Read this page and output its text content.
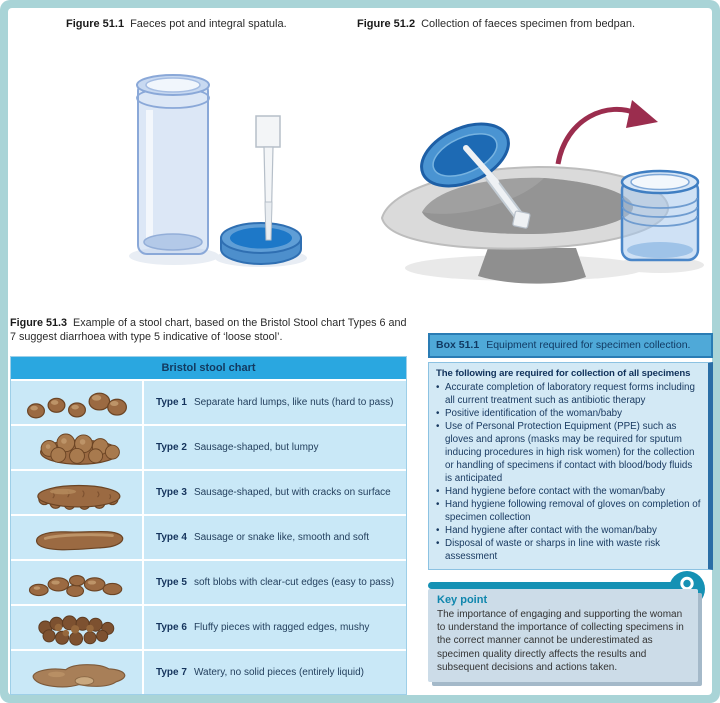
Figure 51.1 Faeces pot and integral spatula.	Figure 51.2 Collection of faeces specimen from bedpan.
Figure 51.3 Example of a stool chart, based on the Bristol Stool chart Types 6 and 7 suggest diarrhoea with type 5 indicative of ‘loose stool’.
Bristol stool chart
Type 1 Separate hard lumps, like nuts (hard to pass)
Type 2 Sausage-shaped, but lumpy
Type 3 Sausage-shaped, but with cracks on surface
Type 4 Sausage or snake like, smooth and soft
Type 5 soft blobs with clear-cut edges (easy to pass)
Type 6 Fluffy pieces with ragged edges, mushy
Type 7 Watery, no solid pieces (entirely liquid)
Box 51.1 Equipment required for specimen collection.
The following are required for collection of all specimens
• Accurate completion of laboratory request forms including all current treatment such as antibiotic therapy
• Positive identification of the woman/baby
• Use of Personal Protection Equipment (PPE) such as gloves and aprons (masks may be required for sputum inducing procedures in high risk women) for the collection or handling of specimens if contact with blood/body fluids is anticipated
• Hand hygiene before contact with the woman/baby
• Hand hygiene following removal of gloves on completion of specimen collection
• Hand hygiene after contact with the woman/baby
• Disposal of waste or sharps in line with waste risk assessment
Key point
The importance of engaging and supporting the woman to understand the importance of collecting specimens in the correct manner cannot be underestimated as specimen quality directly affects the results and subsequent decisions and actions taken.
